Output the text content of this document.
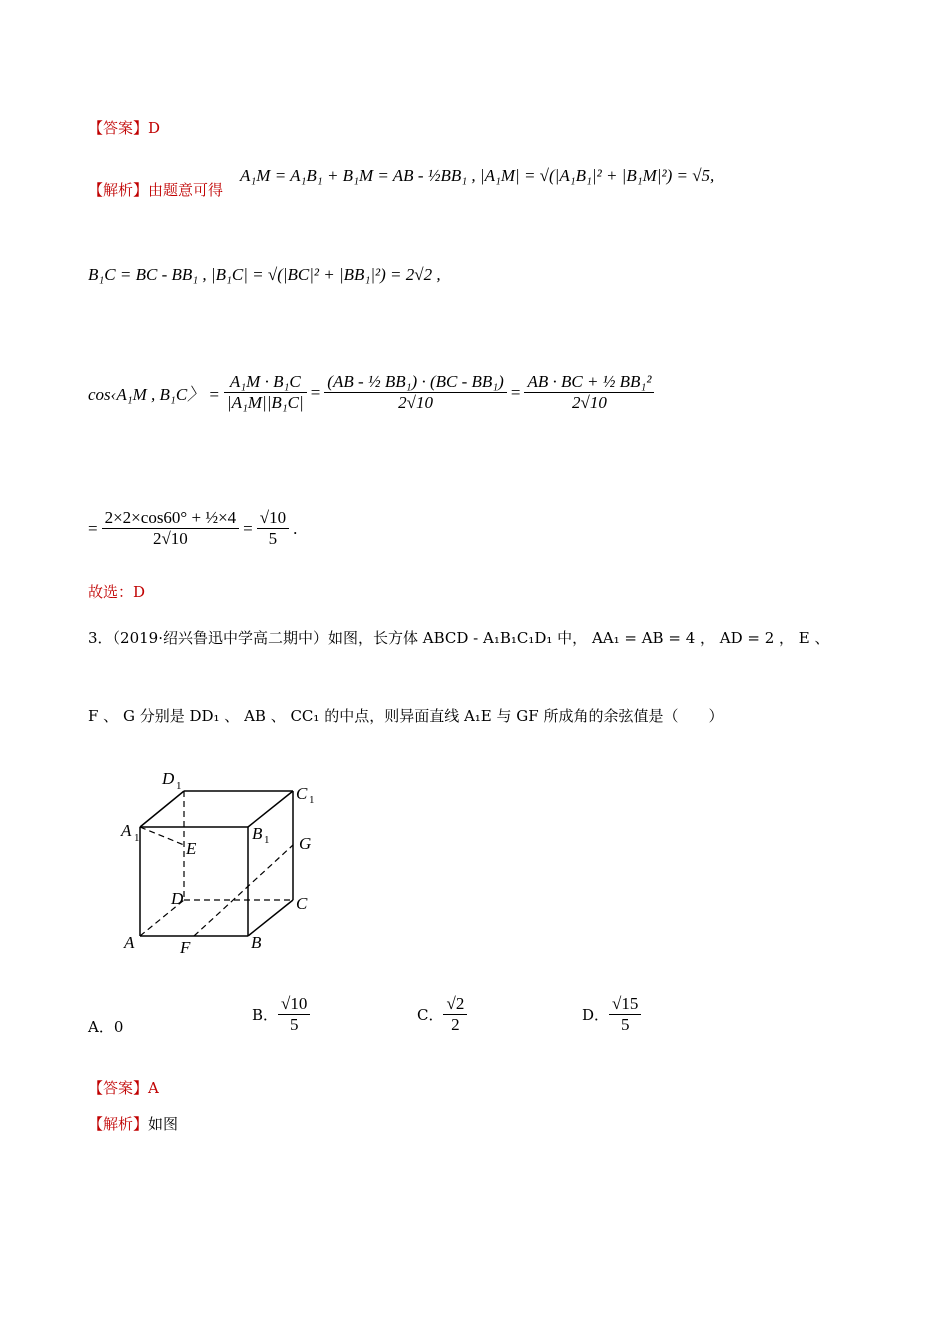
【答案】D
【解析】由题意可得
A₁M = A₁B₁ + B₁M = AB - ½BB₁ , |A₁M| = √(|A₁B₁|² + |B₁M|²) = √5,
B₁C = BC - BB₁ , |B₁C| = √(|BC|² + |BB₁|²) = 2√2 ,
cos‹A₁M , B₁C〉 = $\frac{\text{A₁M · B₁C}}{\text{|A₁M||B₁C|}} = \frac{\text{(AB - ½ BB₁) · (BC - BB₁)}}{2√10} = \frac{\text{AB · BC + ½ BB₁²}}{2√10}$
= $\frac{\text{2×2×cos60° + ½×4}}{2√10} = \frac{√10}{5}$ .
故选：D
3．（2019·绍兴鲁迅中学高二期中）如图，长方体 ABCD - A₁B₁C₁D₁ 中， AA₁ = AB = 4 ， AD = 2 ， E 、
F 、 G 分别是 DD₁ 、 AB 、 CC₁ 的中点，则异面直线 A₁E 与 GF 所成角的余弦值是（　　）
D 1	C 1
A 1	B 1
E	G
D	C
A	F	B
A．0
B． $\frac{√10}{5}$	C． $\frac{√2}{2}$	D． $\frac{√15}{5}$
【答案】A
【解析】如图
